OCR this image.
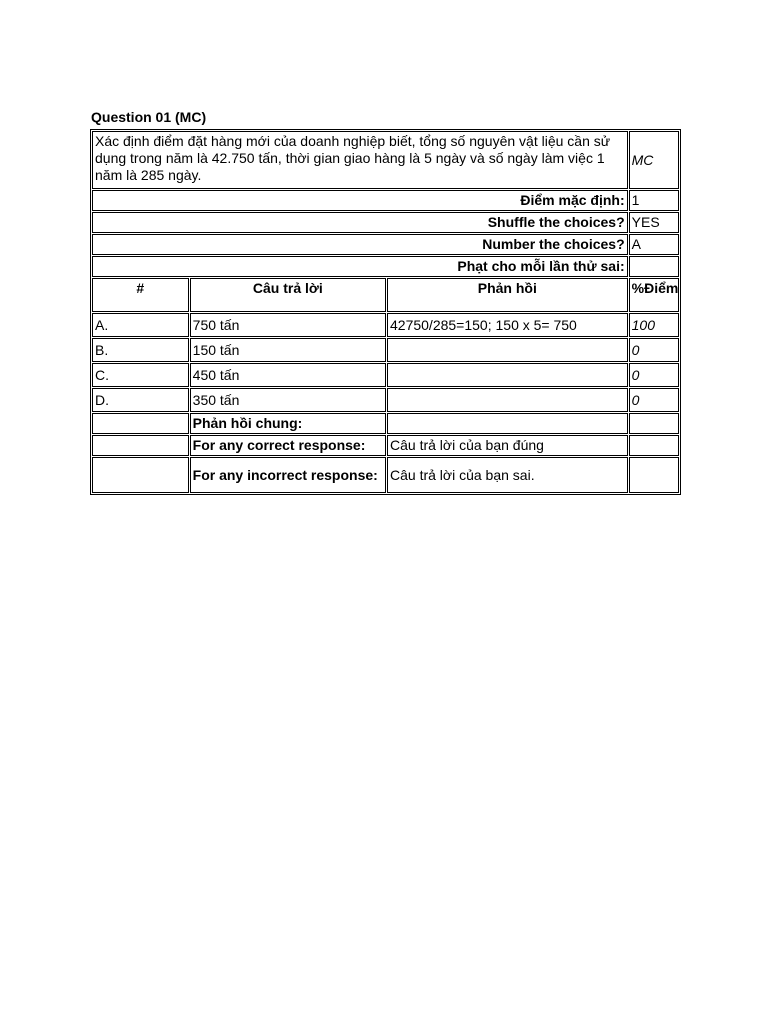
Question 01 (MC)
Xác định điểm đặt hàng mới của doanh nghiệp biết, tổng số nguyên vật liệu cần sử dụng trong năm là 42.750 tấn, thời gian giao hàng là 5 ngày và số ngày làm việc 1 năm là 285 ngày.			MC
Điểm mặc định:			1
Shuffle the choices?			YES
Number the choices?			A
Phạt cho mỗi lần thử sai:			
#	Câu trả lời	Phản hồi	%Điểm
A.	750 tấn	42750/285=150; 150 x 5= 750	100
B.	150 tấn		0
C.	450 tấn		0
D.	350 tấn		0
	Phản hồi chung:		
	For any correct response:	Câu trả lời của bạn đúng	
	For any incorrect response:	Câu trả lời của bạn sai.	
